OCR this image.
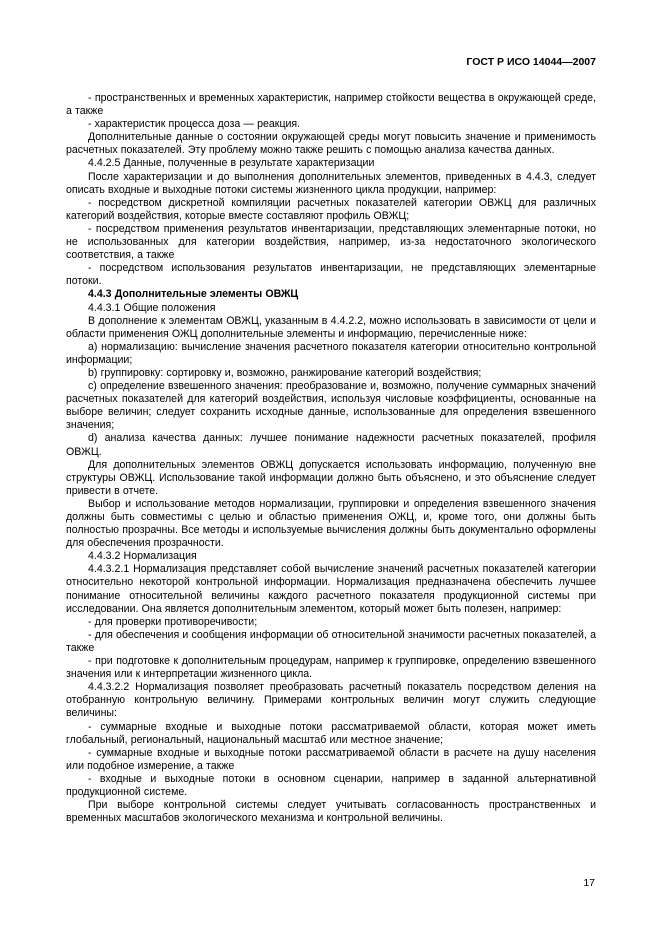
ГОСТ Р ИСО 14044—2007
- пространственных и временных характеристик, например стойкости вещества в окружающей среде, а также
- характеристик процесса доза — реакция.
Дополнительные данные о состоянии окружающей среды могут повысить значение и применимость расчетных показателей. Эту проблему можно также решить с помощью анализа качества данных.
4.4.2.5 Данные, полученные в результате характеризации
После характеризации и до выполнения дополнительных элементов, приведенных в 4.4.3, следует описать входные и выходные потоки системы жизненного цикла продукции, например:
- посредством дискретной компиляции расчетных показателей категории ОВЖЦ для различных категорий воздействия, которые вместе составляют профиль ОВЖЦ;
- посредством применения результатов инвентаризации, представляющих элементарные потоки, но не использованных для категории воздействия, например, из-за недостаточного экологического соответствия, а также
- посредством использования результатов инвентаризации, не представляющих элементарные потоки.
4.4.3 Дополнительные элементы ОВЖЦ
4.4.3.1 Общие положения
В дополнение к элементам ОВЖЦ, указанным в 4.4.2.2, можно использовать в зависимости от цели и области применения ОЖЦ дополнительные элементы и информацию, перечисленные ниже:
a) нормализацию: вычисление значения расчетного показателя категории относительно контрольной информации;
b) группировку: сортировку и, возможно, ранжирование категорий воздействия;
c) определение взвешенного значения: преобразование и, возможно, получение суммарных значений расчетных показателей для категорий воздействия, используя числовые коэффициенты, основанные на выборе величин; следует сохранить исходные данные, использованные для определения взвешенного значения;
d) анализа качества данных: лучшее понимание надежности расчетных показателей, профиля ОВЖЦ.
Для дополнительных элементов ОВЖЦ допускается использовать информацию, полученную вне структуры ОВЖЦ. Использование такой информации должно быть объяснено, и это объяснение следует привести в отчете.
Выбор и использование методов нормализации, группировки и определения взвешенного значения должны быть совместимы с целью и областью применения ОЖЦ, и, кроме того, они должны быть полностью прозрачны. Все методы и используемые вычисления должны быть документально оформлены для обеспечения прозрачности.
4.4.3.2 Нормализация
4.4.3.2.1 Нормализация представляет собой вычисление значений расчетных показателей категории относительно некоторой контрольной информации. Нормализация предназначена обеспечить лучшее понимание относительной величины каждого расчетного показателя продукционной системы при исследовании. Она является дополнительным элементом, который может быть полезен, например:
- для проверки противоречивости;
- для обеспечения и сообщения информации об относительной значимости расчетных показателей, а также
- при подготовке к дополнительным процедурам, например к группировке, определению взвешенного значения или к интерпретации жизненного цикла.
4.4.3.2.2 Нормализация позволяет преобразовать расчетный показатель посредством деления на отобранную контрольную величину. Примерами контрольных величин могут служить следующие величины:
- суммарные входные и выходные потоки рассматриваемой области, которая может иметь глобальный, региональный, национальный масштаб или местное значение;
- суммарные входные и выходные потоки рассматриваемой области в расчете на душу населения или подобное измерение, а также
- входные и выходные потоки в основном сценарии, например в заданной альтернативной продукционной системе.
При выборе контрольной системы следует учитывать согласованность пространственных и временных масштабов экологического механизма и контрольной величины.
17
